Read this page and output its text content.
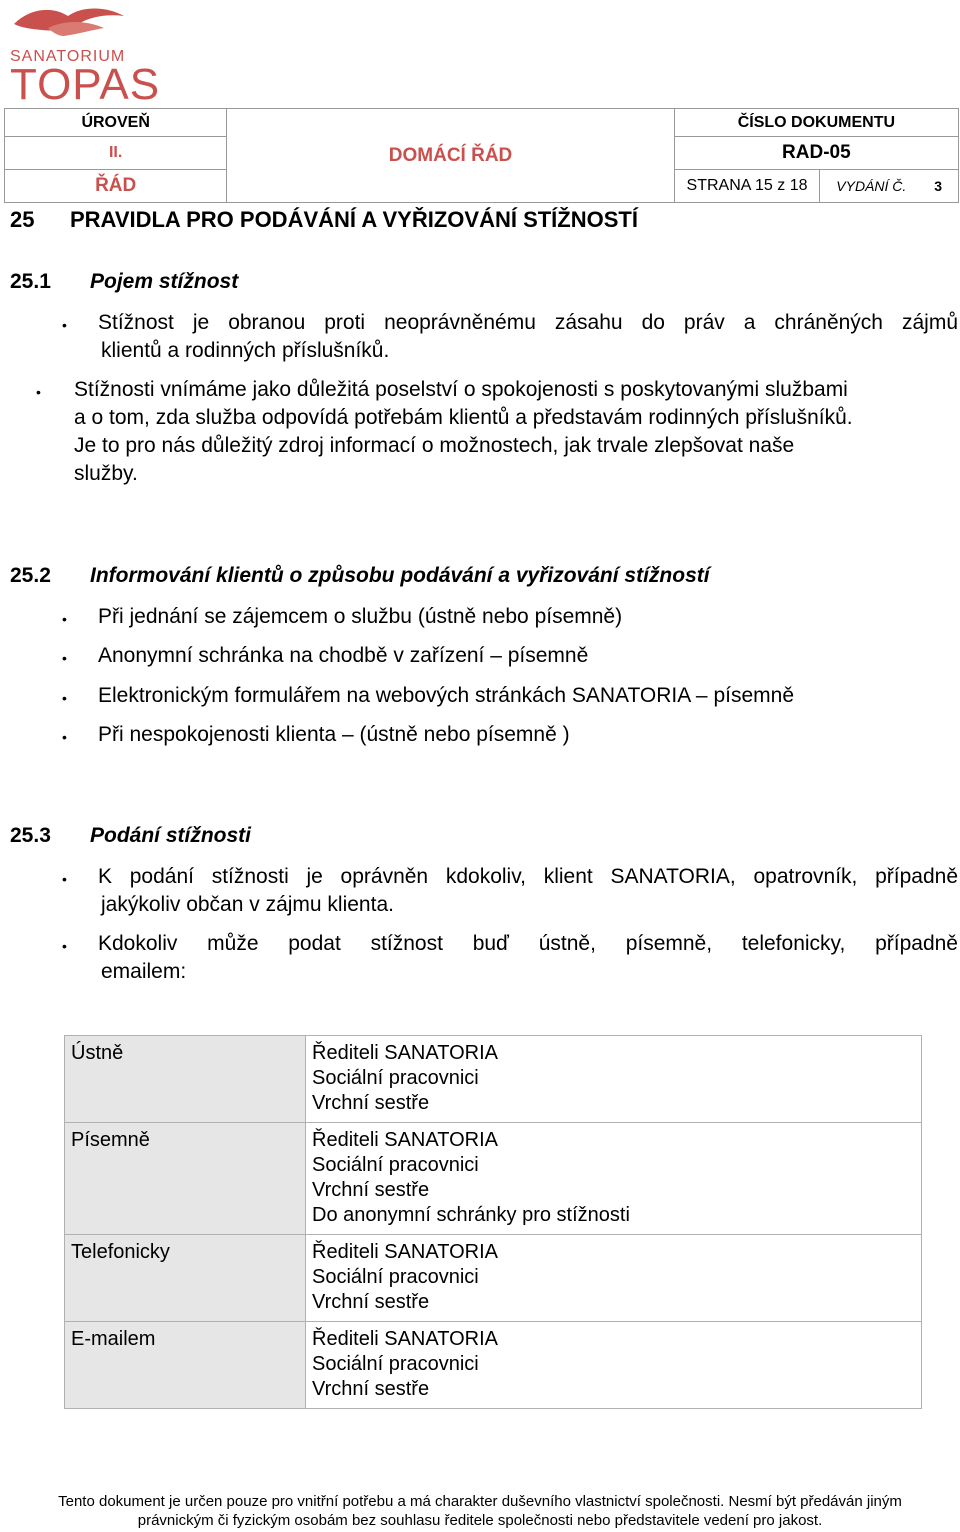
SANATORIUM
TOPAS
ÚROVEŇ	DOMÁCÍ ŘÁD	ČÍSLO DOKUMENTU	
II.		RAD-05	
ŘÁD		STRANA 15 z 18	VYDÁNÍ Č. 3
25 PRAVIDLA PRO PODÁVÁNÍ A VYŘIZOVÁNÍ STÍŽNOSTÍ
25.1 Pojem stížnost
• Stížnost je obranou proti neoprávněnému zásahu do práv a chráněných zájmů
klientů a rodinných příslušníků.
• Stížnosti vnímáme jako důležitá poselství o spokojenosti s poskytovanými službami
a o tom, zda služba odpovídá potřebám klientů a představám rodinných příslušníků.
Je to pro nás důležitý zdroj informací o možnostech, jak trvale zlepšovat naše
služby.
25.2 Informování klientů o způsobu podávání a vyřizování stížností
• Při jednání se zájemcem o službu (ústně nebo písemně)
• Anonymní schránka na chodbě v zařízení – písemně
• Elektronickým formulářem na webových stránkách SANATORIA – písemně
• Při nespokojenosti klienta – (ústně nebo písemně )
25.3 Podání stížnosti
• K podání stížnosti je oprávněn kdokoliv, klient SANATORIA, opatrovník, případně
jakýkoliv občan v zájmu klienta.
• Kdokoliv může podat stížnost buď ústně, písemně, telefonicky, případně
emailem:
Ústně	Řediteli SANATORIA
Sociální pracovnici
Vrchní sestře

Písemně	Řediteli SANATORIA
Sociální pracovnici
Vrchní sestře
Do anonymní schránky pro stížnosti

Telefonicky	Řediteli SANATORIA
Sociální pracovnici
Vrchní sestře

E-mailem	Řediteli SANATORIA
Sociální pracovnici
Vrchní sestře
Tento dokument je určen pouze pro vnitřní potřebu a má charakter duševního vlastnictví společnosti. Nesmí být předáván jiným
právnickým či fyzickým osobám bez souhlasu ředitele společnosti nebo představitele vedení pro jakost.
